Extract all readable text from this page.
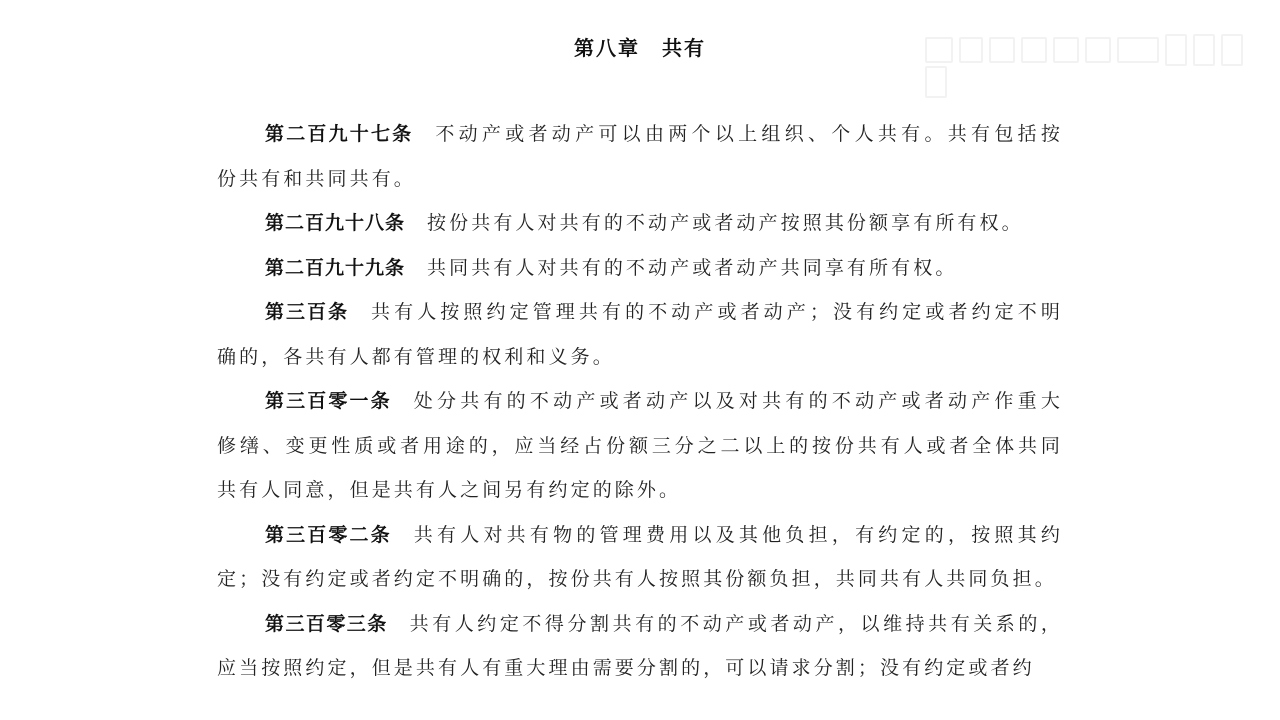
第八章　共有
第二百九十七条 不动产或者动产可以由两个以上组织、个人共有。共有包括按
份共有和共同共有。
第二百九十八条 按份共有人对共有的不动产或者动产按照其份额享有所有权。
第二百九十九条 共同共有人对共有的不动产或者动产共同享有所有权。
第三百条 共有人按照约定管理共有的不动产或者动产；没有约定或者约定不明
确的，各共有人都有管理的权利和义务。
第三百零一条 处分共有的不动产或者动产以及对共有的不动产或者动产作重大
修缮、变更性质或者用途的，应当经占份额三分之二以上的按份共有人或者全体共同
共有人同意，但是共有人之间另有约定的除外。
第三百零二条 共有人对共有物的管理费用以及其他负担，有约定的，按照其约
定；没有约定或者约定不明确的，按份共有人按照其份额负担，共同共有人共同负担。
第三百零三条 共有人约定不得分割共有的不动产或者动产，以维持共有关系的，
应当按照约定，但是共有人有重大理由需要分割的，可以请求分割；没有约定或者约
